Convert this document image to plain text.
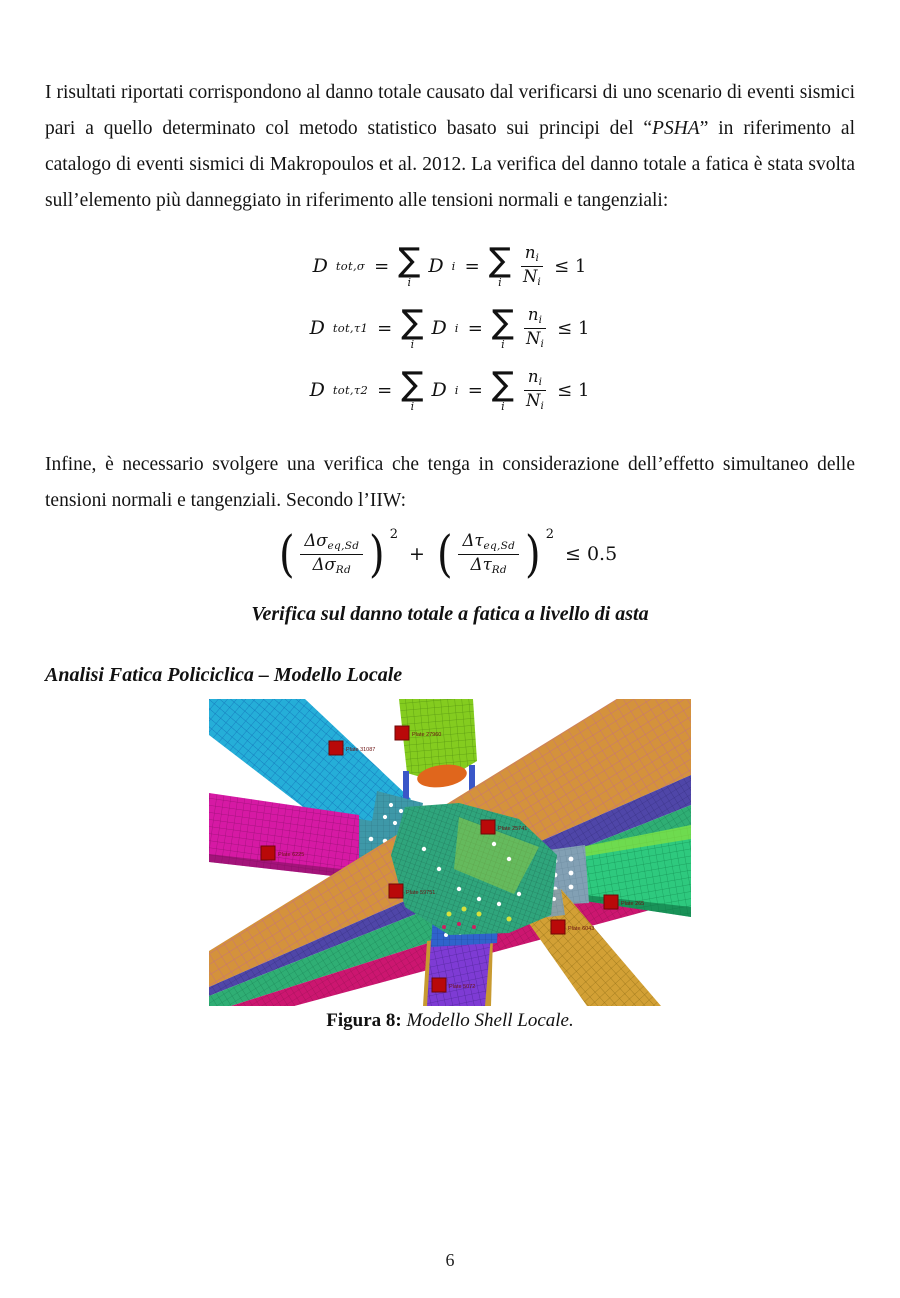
I risultati riportati corrispondono al danno totale causato dal verificarsi di uno scenario di eventi sismici pari a quello determinato col metodo statistico basato sui principi del “PSHA” in riferimento al catalogo di eventi sismici di Makropoulos et al. 2012. La verifica del danno totale a fatica è stata svolta sull’elemento più danneggiato in riferimento alle tensioni normali e tangenziali:

D tot,σ = ∑
i
D i = ∑
i $\frac{n_i}{N_i} \le 1$
D tot,τ1 = ∑
i
D i = ∑
i $\frac{n_i}{N_i} \le 1$
D tot,τ2 = ∑
i
D i = ∑
i $\frac{n_i}{N_i} \le 1$

Infine, è necessario svolgere una verifica che tenga in considerazione dell’effetto simultaneo delle tensioni normali e tangenziali. Secondo l’IIW:

( $\frac{\Delta\sigma_{eq,Sd}}{\Delta\sigma_{Rd}}$ ) 2
+ ( $\frac{\Delta\tau_{eq,Sd}}{\Delta\tau_{Rd}}$ ) 2
≤ 0.5
Verifica sul danno totale a fatica a livello di asta
Analisi Fatica Policiclica – Modello Locale
Plate 31087
Plate 27960
Plate 25741
Plate 6225
Plate 59751
Plate 265
Plate 6043
Plate 5072
Figura 8: Modello Shell Locale.
6
